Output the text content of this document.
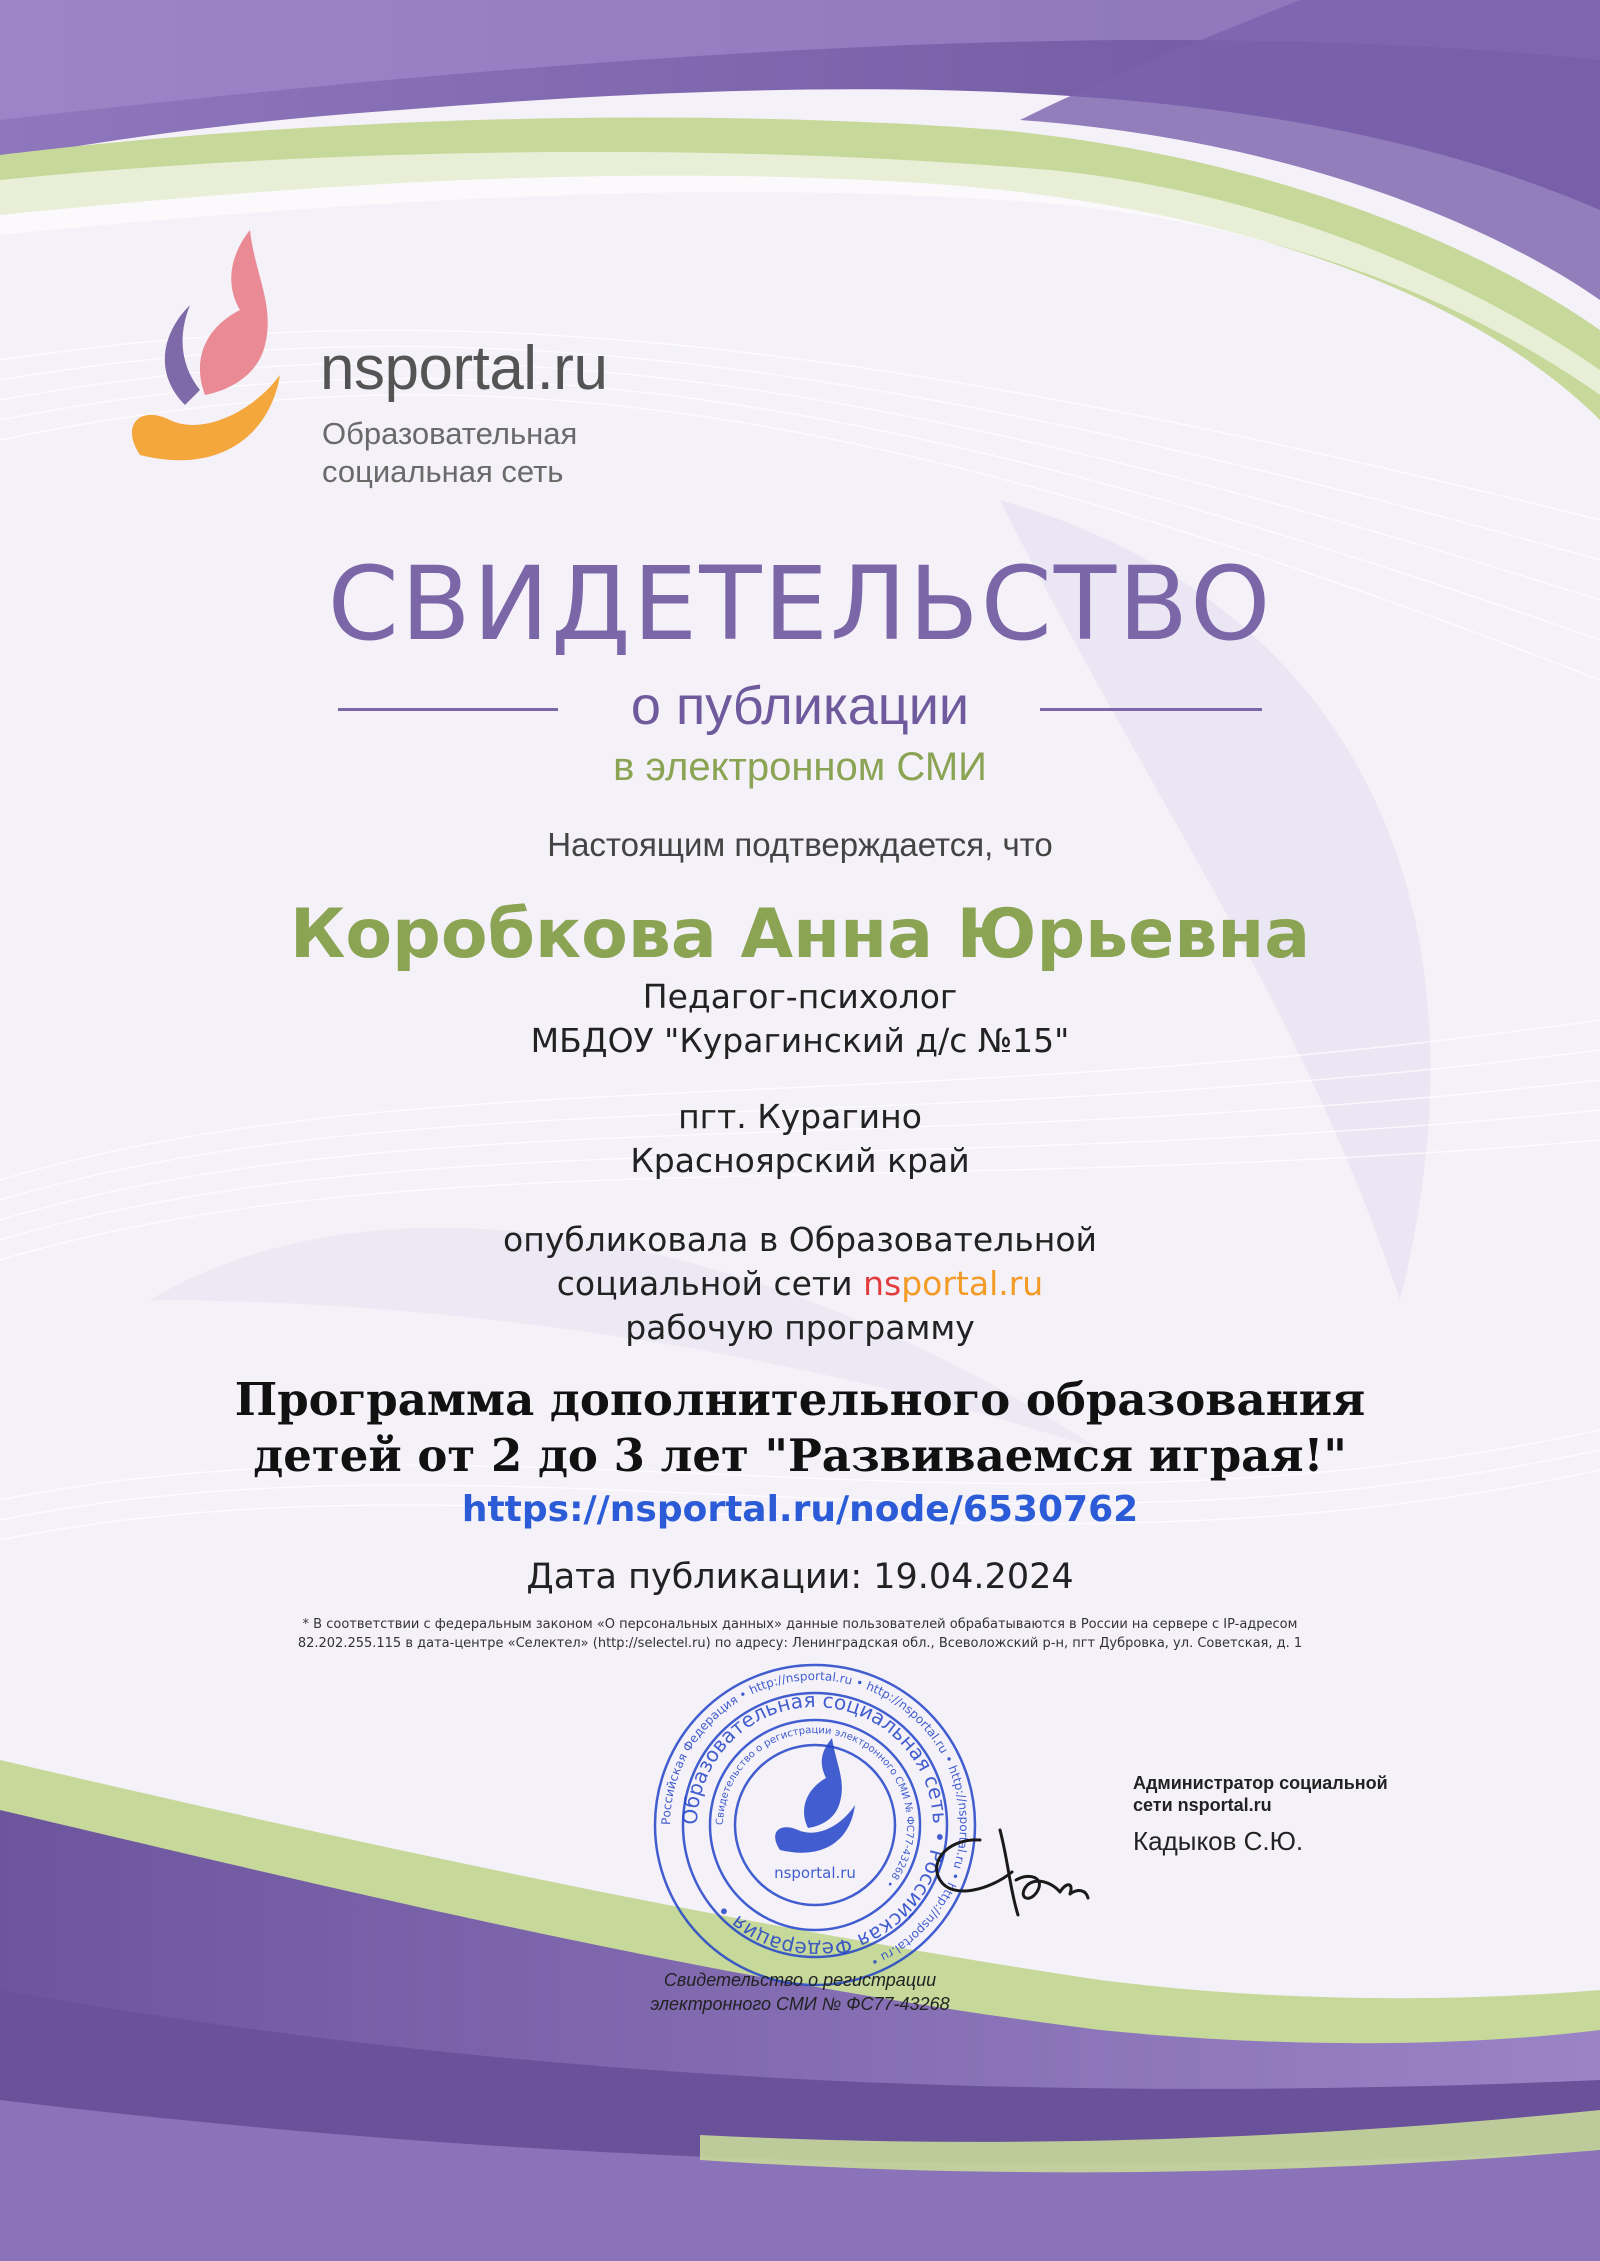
nsportal.ru
Образовательная
социальная сеть
СВИДЕТЕЛЬСТВО
о публикации
в электронном СМИ
Настоящим подтверждается, что
Коробкова Анна Юрьевна
Педагог-психолог
МБДОУ "Курагинский д/с №15"
пгт. Курагино
Красноярский край
опубликовала в Образовательной
социальной сети nsportal.ru
рабочую программу
Программа дополнительного образования
детей от 2 до 3 лет "Развиваемся играя!"
https://nsportal.ru/node/6530762
Дата публикации: 19.04.2024
* В соответствии с федеральным законом «О персональных данных» данные пользователей обрабатываются в России на сервере с IP-адресом
82.202.255.115 в дата-центре «Селектел» (http://selectel.ru) по адресу: Ленинградская обл., Всеволожский р-н, пгт Дубровка, ул. Советская, д. 1
Российская Федерация • http://nsportal.ru • http://nsportal.ru • http://nsportal.ru • http://nsportal.ru •
Образовательная социальная сеть • Российская Федерация •
Свидетельство о регистрации электронного СМИ № ФС77-43268 •
nsportal.ru
Администратор социальной
сети nsportal.ru
Кадыков С.Ю.
Свидетельство о регистрации
электронного СМИ № ФС77-43268
